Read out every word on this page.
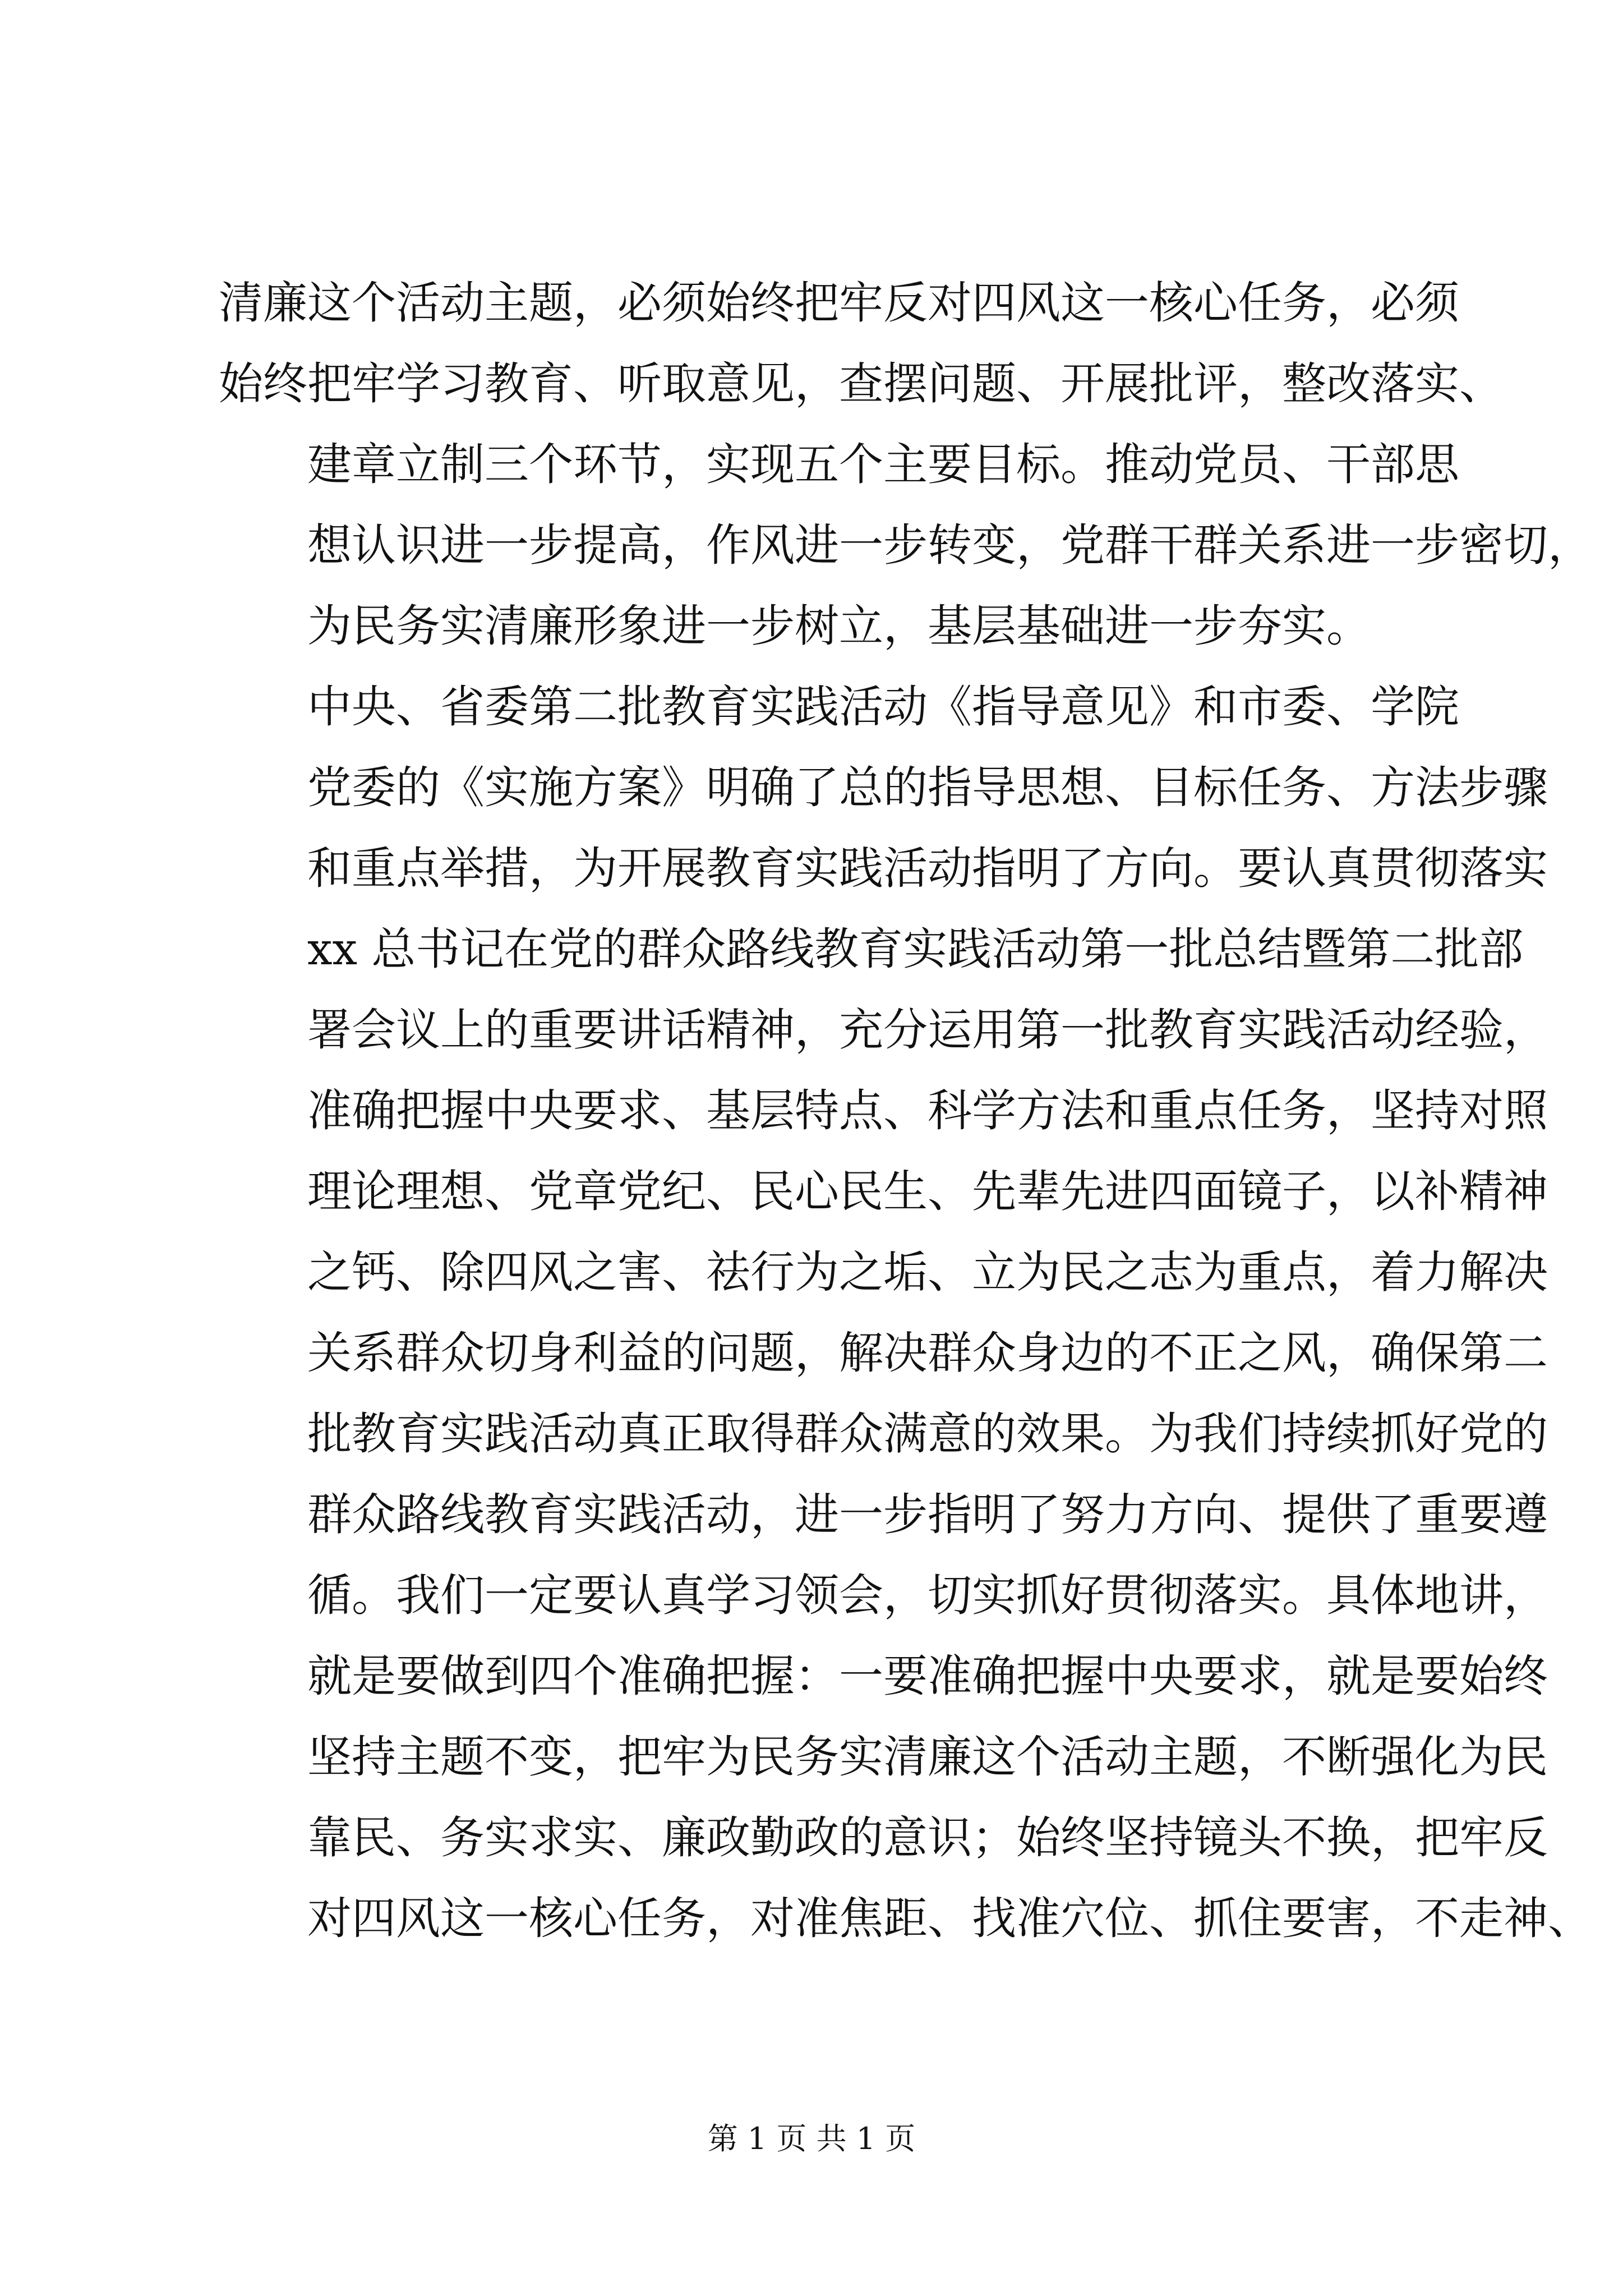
清廉这个活动主题，必须始终把牢反对四风这一核心任务，必须
始终把牢学习教育、听取意见，查摆问题、开展批评，整改落实、

建章立制三个环节，实现五个主要目标。推动党员、干部思
想认识进一步提高，作风进一步转变，党群干群关系进一步密切，
为民务实清廉形象进一步树立，基层基础进一步夯实。

中央、省委第二批教育实践活动《指导意见》和市委、学院
党委的《实施方案》明确了总的指导思想、目标任务、方法步骤
和重点举措，为开展教育实践活动指明了方向。要认真贯彻落实
xx 总书记在党的群众路线教育实践活动第一批总结暨第二批部
署会议上的重要讲话精神，充分运用第一批教育实践活动经验，
准确把握中央要求、基层特点、科学方法和重点任务，坚持对照
理论理想、党章党纪、民心民生、先辈先进四面镜子，以补精神
之钙、除四风之害、祛行为之垢、立为民之志为重点，着力解决
关系群众切身利益的问题，解决群众身边的不正之风，确保第二
批教育实践活动真正取得群众满意的效果。为我们持续抓好党的
群众路线教育实践活动，进一步指明了努力方向、提供了重要遵
循。我们一定要认真学习领会，切实抓好贯彻落实。具体地讲，
就是要做到四个准确把握：一要准确把握中央要求，就是要始终
坚持主题不变，把牢为民务实清廉这个活动主题，不断强化为民
靠民、务实求实、廉政勤政的意识；始终坚持镜头不换，把牢反
对四风这一核心任务，对准焦距、找准穴位、抓住要害，不走神、

第 1 页 共 1 页
